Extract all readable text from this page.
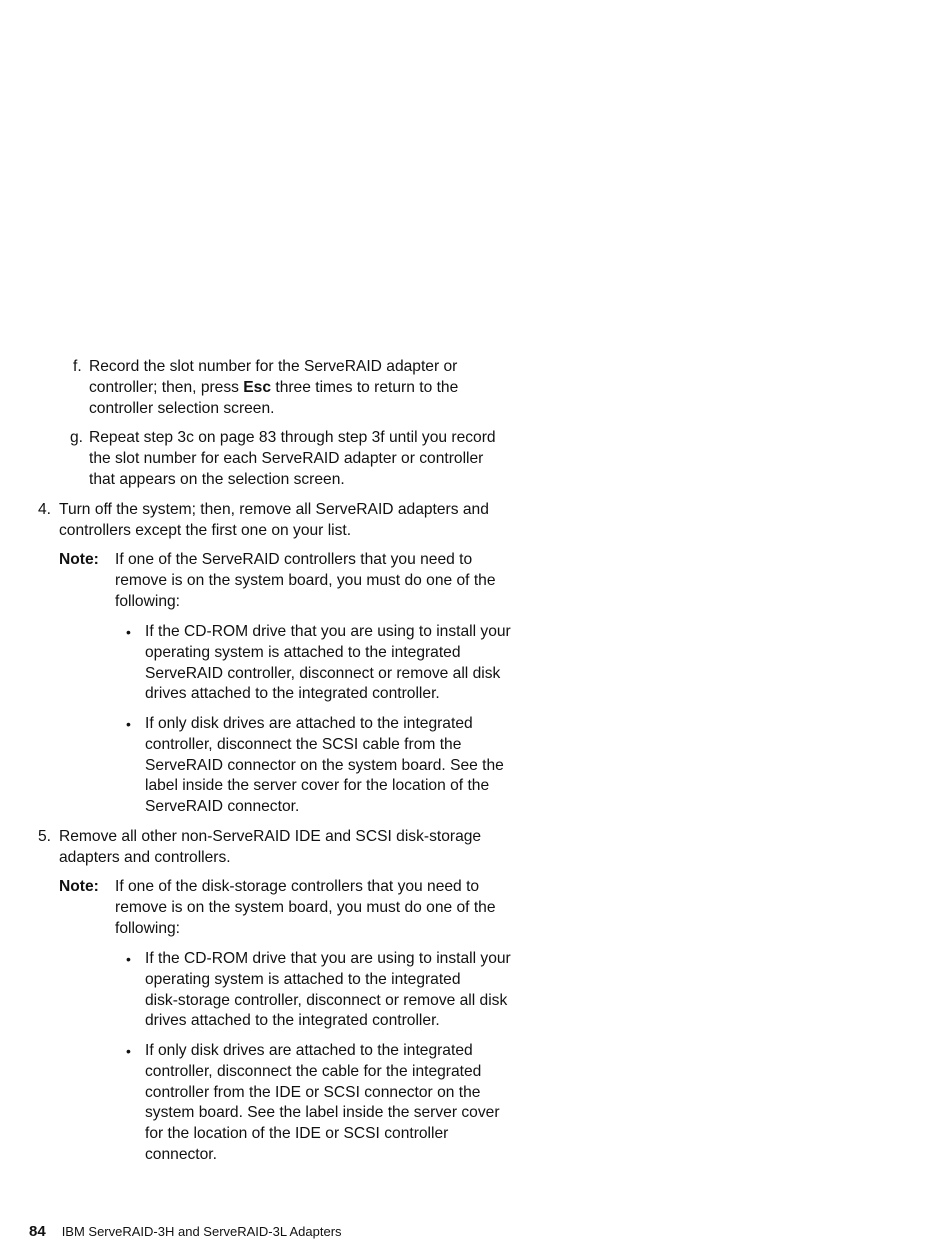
f. Record the slot number for the ServeRAID adapter or
controller; then, press Esc three times to return to the
controller selection screen.
g. Repeat step 3c on page 83 through step 3f until you record
the slot number for each ServeRAID adapter or controller
that appears on the selection screen.
4. Turn off the system; then, remove all ServeRAID adapters and
controllers except the first one on your list.
Note: If one of the ServeRAID controllers that you need to
remove is on the system board, you must do one of the
following:
• If the CD-ROM drive that you are using to install your
operating system is attached to the integrated
ServeRAID controller, disconnect or remove all disk
drives attached to the integrated controller.
• If only disk drives are attached to the integrated
controller, disconnect the SCSI cable from the
ServeRAID connector on the system board. See the
label inside the server cover for the location of the
ServeRAID connector.
5. Remove all other non-ServeRAID IDE and SCSI disk-storage
adapters and controllers.
Note: If one of the disk-storage controllers that you need to
remove is on the system board, you must do one of the
following:
• If the CD-ROM drive that you are using to install your
operating system is attached to the integrated
disk-storage controller, disconnect or remove all disk
drives attached to the integrated controller.
• If only disk drives are attached to the integrated
controller, disconnect the cable for the integrated
controller from the IDE or SCSI connector on the
system board. See the label inside the server cover
for the location of the IDE or SCSI controller
connector.
84 IBM ServeRAID-3H and ServeRAID-3L Adapters
